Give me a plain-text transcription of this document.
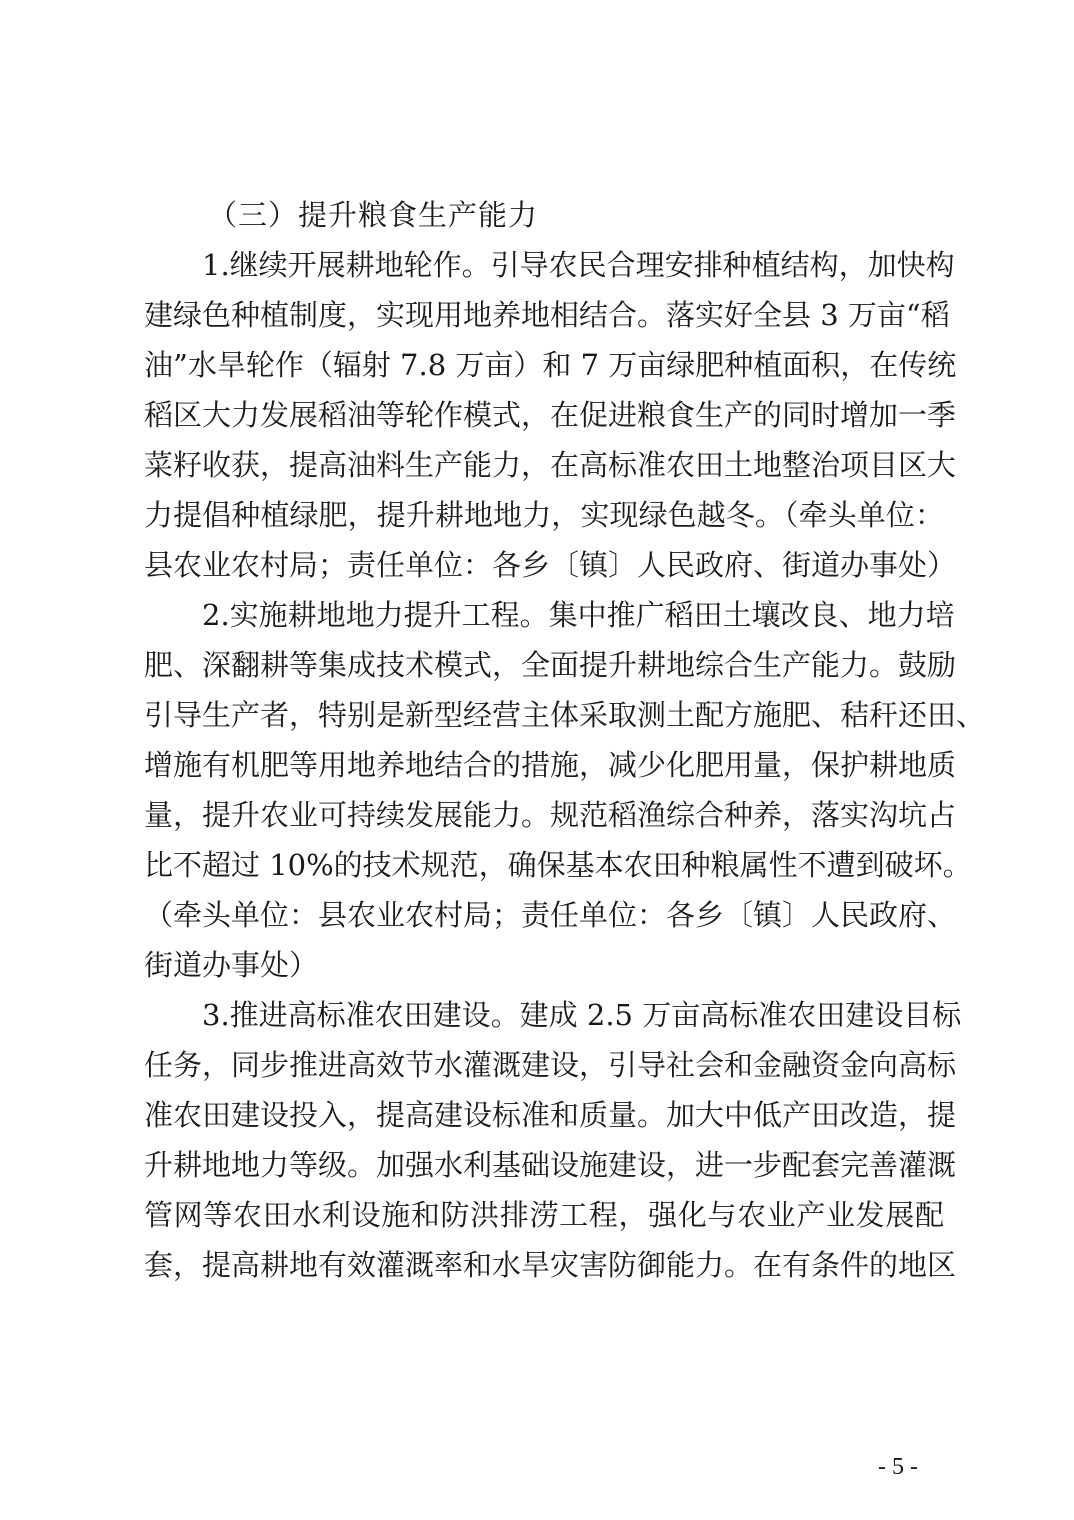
（三）提升粮食生产能力
1.继续开展耕地轮作。引导农民合理安排种植结构，加快构
建绿色种植制度，实现用地养地相结合。落实好全县 3 万亩“稻
油”水旱轮作（辐射 7.8 万亩）和 7 万亩绿肥种植面积，在传统
稻区大力发展稻油等轮作模式，在促进粮食生产的同时增加一季
菜籽收获，提高油料生产能力，在高标准农田土地整治项目区大
力提倡种植绿肥，提升耕地地力，实现绿色越冬。（牵头单位：
县农业农村局；责任单位：各乡〔镇〕人民政府、街道办事处）
2.实施耕地地力提升工程。集中推广稻田土壤改良、地力培
肥、深翻耕等集成技术模式，全面提升耕地综合生产能力。鼓励
引导生产者，特别是新型经营主体采取测土配方施肥、秸秆还田、
增施有机肥等用地养地结合的措施，减少化肥用量，保护耕地质
量，提升农业可持续发展能力。规范稻渔综合种养，落实沟坑占
比不超过 10%的技术规范，确保基本农田种粮属性不遭到破坏。
（牵头单位：县农业农村局；责任单位：各乡〔镇〕人民政府、
街道办事处）
3.推进高标准农田建设。建成 2.5 万亩高标准农田建设目标
任务，同步推进高效节水灌溉建设，引导社会和金融资金向高标
准农田建设投入，提高建设标准和质量。加大中低产田改造，提
升耕地地力等级。加强水利基础设施建设，进一步配套完善灌溉
管网等农田水利设施和防洪排涝工程，强化与农业产业发展配
套，提高耕地有效灌溉率和水旱灾害防御能力。在有条件的地区
- 5 -
